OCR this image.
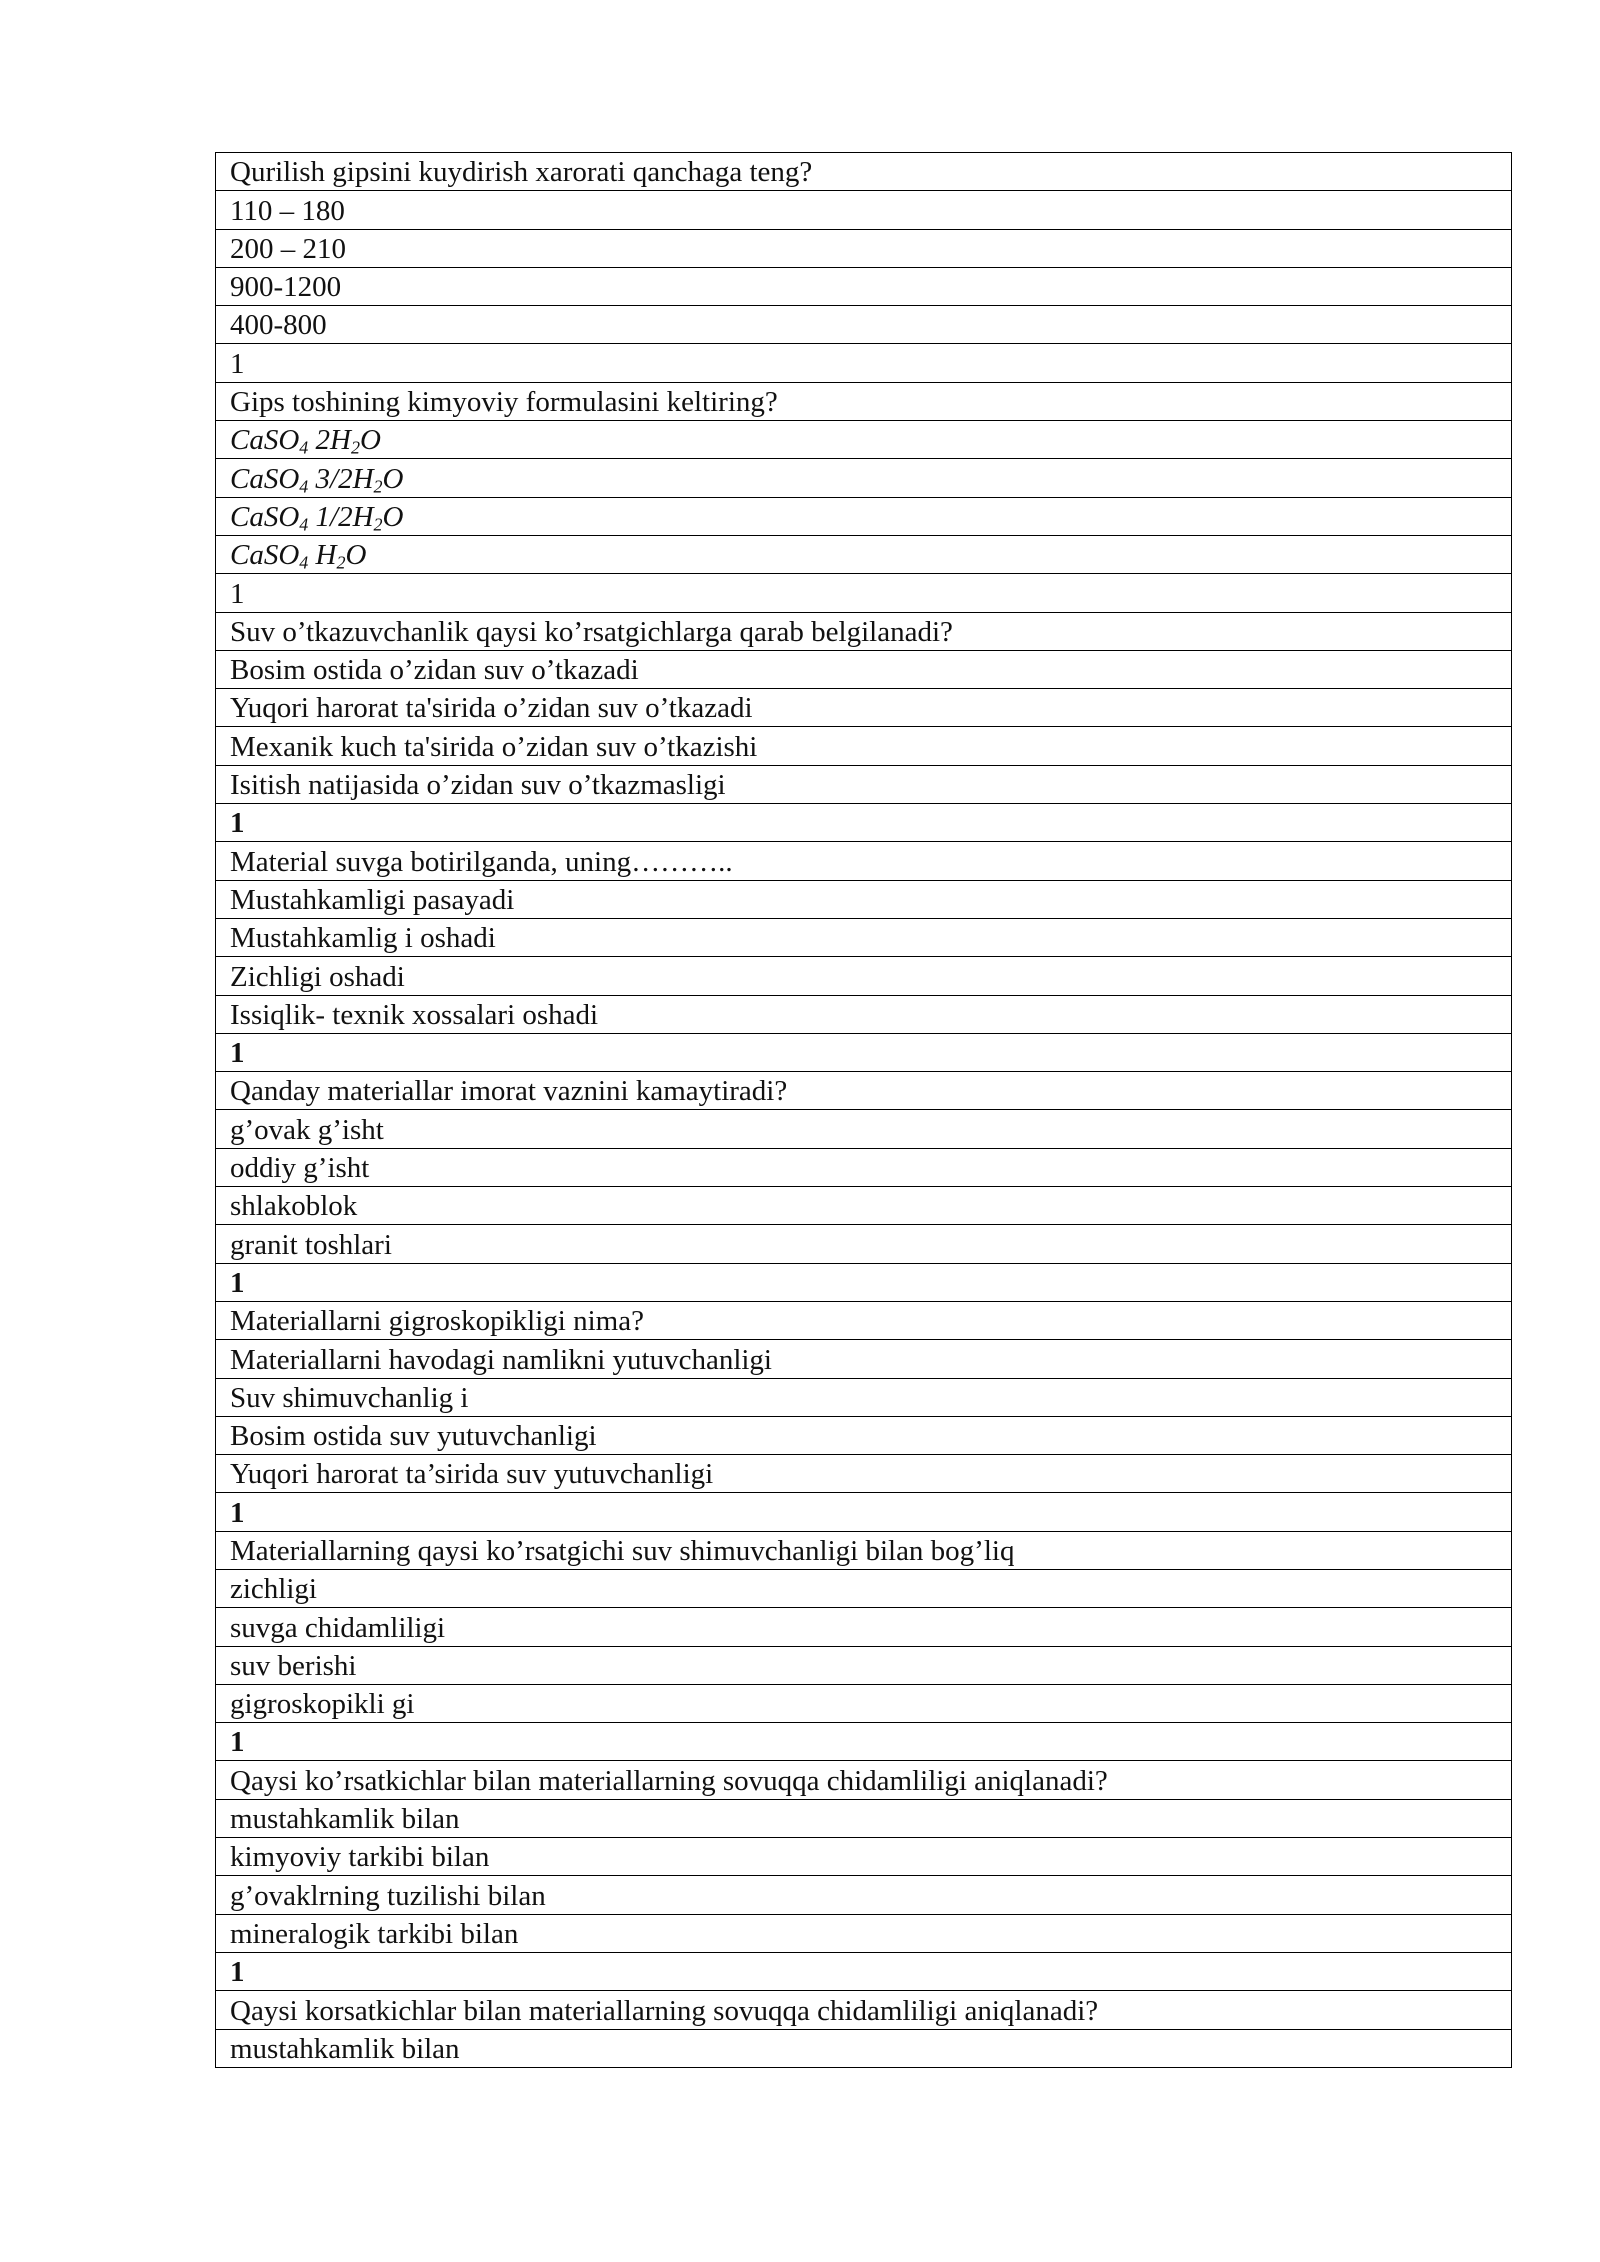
Qurilish gipsini kuydirish xarorati qanchaga teng?
110 – 180
200 – 210
900-1200
400-800
1
Gips toshining kimyoviy formulasini keltiring?
CaSO$_4$ $2H_2O$
CaSO$_4$ $3/2H_2O$
CaSO$_4$ $1/2H_2O$
CaSO$_4$ $H_2O$
1
Suv o’tkazuvchanlik qaysi ko’rsatgichlarga qarab belgilanadi?
Bosim ostida o’zidan suv o’tkazadi
Yuqori harorat ta'sirida o’zidan suv o’tkazadi
Mexanik kuch ta'sirida o’zidan suv o’tkazishi
Isitish natijasida o’zidan suv o’tkazmasligi
1
Material suvga botirilganda, uning………..
Mustahkamligi pasayadi
Mustahkamlig i oshadi
Zichligi oshadi
Issiqlik- texnik xossalari oshadi
1
Qanday materiallar imorat vaznini kamaytiradi?
g’ovak g’isht
oddiy g’isht
shlakoblok
granit toshlari
1
Materiallarni gigroskopikligi nima?
Materiallarni havodagi namlikni yutuvchanligi
Suv shimuvchanlig i
Bosim ostida suv yutuvchanligi
Yuqori harorat ta’sirida suv yutuvchanligi
1
Materiallarning qaysi ko’rsatgichi suv shimuvchanligi bilan bog’liq
zichligi
suvga chidamliligi
suv berishi
gigroskopikli gi
1
Qaysi ko’rsatkichlar bilan materiallarning sovuqqa chidamliligi aniqlanadi?
mustahkamlik bilan
kimyoviy tarkibi bilan
g’ovaklrning tuzilishi bilan
mineralogik tarkibi bilan
1
Qaysi korsatkichlar bilan materiallarning sovuqqa chidamliligi aniqlanadi?
mustahkamlik bilan
